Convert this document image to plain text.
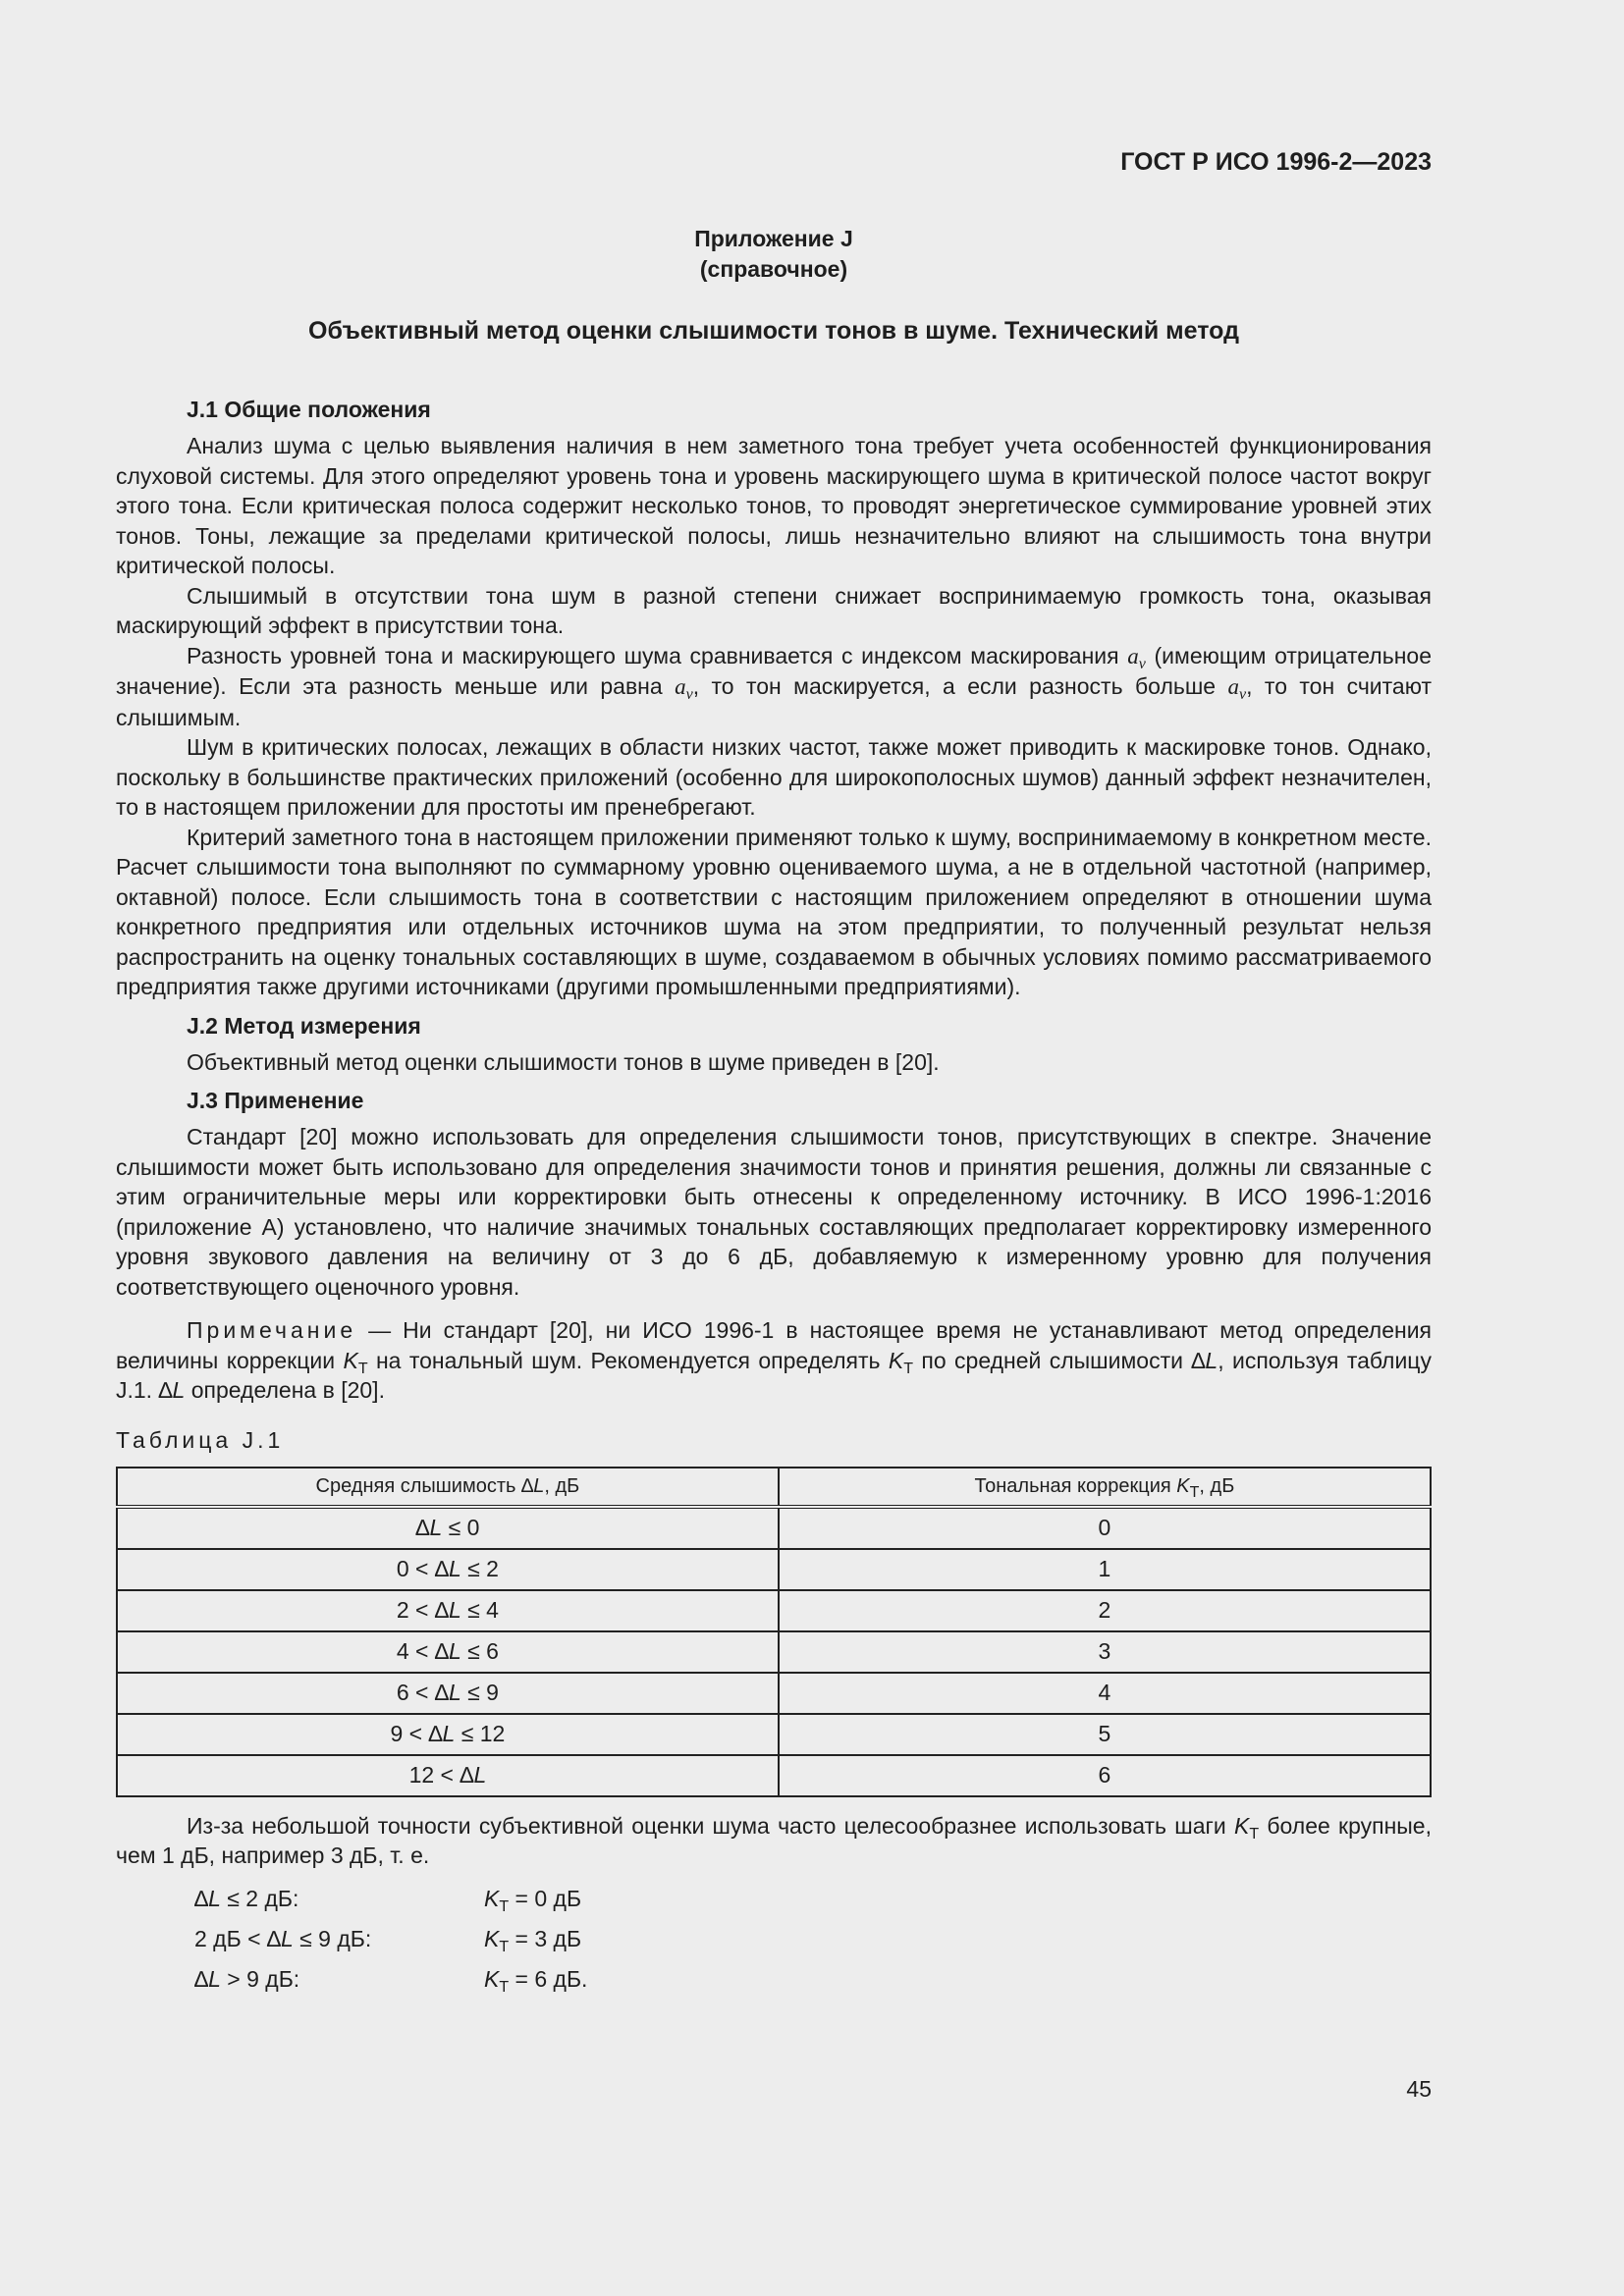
ГОСТ Р ИСО 1996-2—2023
Приложение J
(справочное)
Объективный метод оценки слышимости тонов в шуме. Технический метод
J.1 Общие положения

Анализ шума с целью выявления наличия в нем заметного тона требует учета особенностей функционирования слуховой системы. Для этого определяют уровень тона и уровень маскирующего шума в критической полосе частот вокруг этого тона. Если критическая полоса содержит несколько тонов, то проводят энергетическое суммирование уровней этих тонов. Тоны, лежащие за пределами критической полосы, лишь незначительно влияют на слышимость тона внутри критической полосы.

Слышимый в отсутствии тона шум в разной степени снижает воспринимаемую громкость тона, оказывая маскирующий эффект в присутствии тона.

Разность уровней тона и маскирующего шума сравнивается с индексом маскирования $a_v$ (имеющим отрицательное значение). Если эта разность меньше или равна $a_v$, то тон маскируется, а если разность больше $a_v$, то тон считают слышимым.

Шум в критических полосах, лежащих в области низких частот, также может приводить к маскировке тонов. Однако, поскольку в большинстве практических приложений (особенно для широкополосных шумов) данный эффект незначителен, то в настоящем приложении для простоты им пренебрегают.

Критерий заметного тона в настоящем приложении применяют только к шуму, воспринимаемому в конкретном месте. Расчет слышимости тона выполняют по суммарному уровню оцениваемого шума, а не в отдельной частотной (например, октавной) полосе. Если слышимость тона в соответствии с настоящим приложением определяют в отношении шума конкретного предприятия или отдельных источников шума на этом предприятии, то полученный результат нельзя распространить на оценку тональных составляющих в шуме, создаваемом в обычных условиях помимо рассматриваемого предприятия также другими источниками (другими промышленными предприятиями).

J.2 Метод измерения

Объективный метод оценки слышимости тонов в шуме приведен в [20].

J.3 Применение

Стандарт [20] можно использовать для определения слышимости тонов, присутствующих в спектре. Значение слышимости может быть использовано для определения значимости тонов и принятия решения, должны ли связанные с этим ограничительные меры или корректировки быть отнесены к определенному источнику. В ИСО 1996-1:2016 (приложение А) установлено, что наличие значимых тональных составляющих предполагает корректировку измеренного уровня звукового давления на величину от 3 до 6 дБ, добавляемую к измеренному уровню для получения соответствующего оценочного уровня.

Примечание — Ни стандарт [20], ни ИСО 1996-1 в настоящее время не устанавливают метод определения величины коррекции $K_T$ на тональный шум. Рекомендуется определять $K_T$ по средней слышимости ∆L, используя таблицу J.1. ∆L определена в [20].

Таблица J.1
Средняя слышимость ∆L, дБ	Тональная коррекция $K_T$, дБ
∆L ≤ 0	0
0 < ∆L ≤ 2	1
2 < ∆L ≤ 4	2
4 < ∆L ≤ 6	3
6 < ∆L ≤ 9	4
9 < ∆L ≤ 12	5
12 < ∆L	6

Из-за небольшой точности субъективной оценки шума часто целесообразнее использовать шаги $K_T$ более крупные, чем 1 дБ, например 3 дБ, т. е.

∆L ≤ 2 дБ:	$K_T = 0$ дБ
2 дБ < ∆L ≤ 9 дБ:	$K_T = 3$ дБ
∆L > 9 дБ:	$K_T = 6$ дБ.
45
